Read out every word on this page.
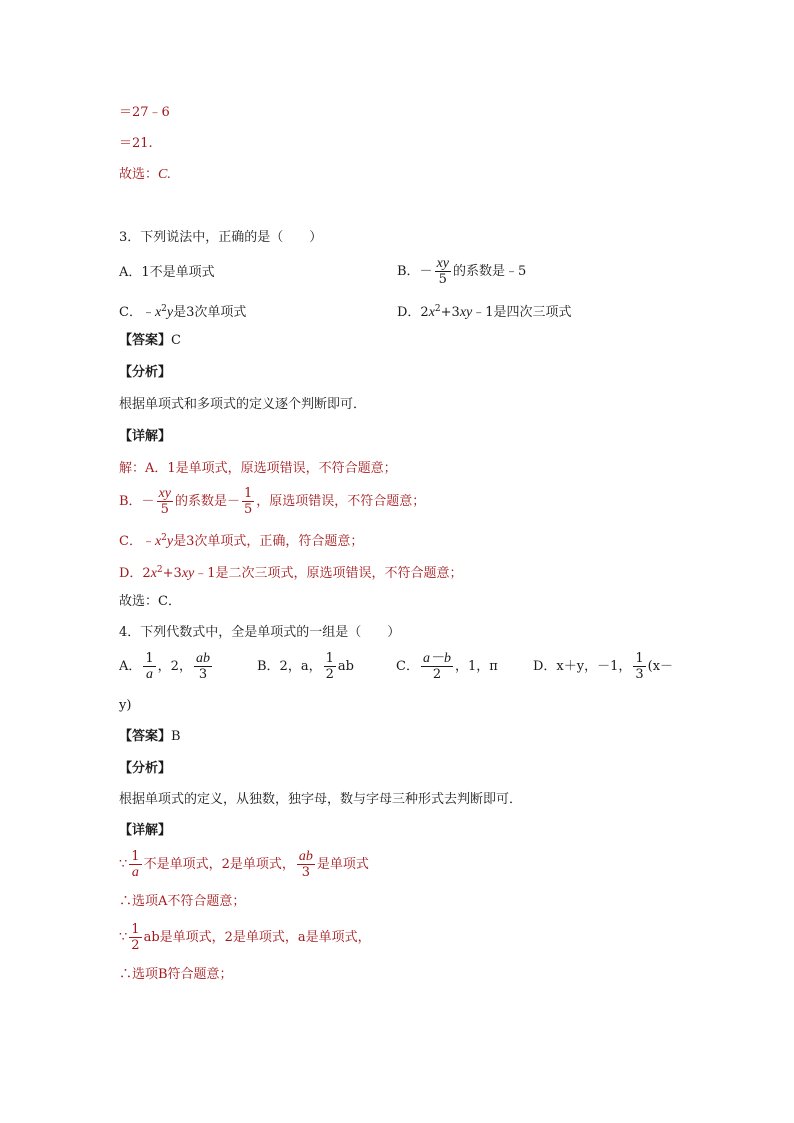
＝27﹣6
＝21.
故选：C.
3．下列说法中，正确的是（　　）
A．1不是单项式	B．－ $\frac{xy}{5}$ 的系数是﹣5
C．$﹣x^2y$是3次单项式	D．$2x^2+3xy﹣1$是四次三项式
【答案】C
【分析】
根据单项式和多项式的定义逐个判断即可．
【详解】
解：A．1是单项式，原选项错误，不符合题意；
B．－ $\frac{xy}{5}$ 的系数是－ $\frac{1}{5}$ ，原选项错误，不符合题意；
C．$﹣x^2y$是3次单项式，正确，符合题意；
D．$2x^2+3xy﹣1$是二次三项式，原选项错误，不符合题意；
故选：C．
4．下列代数式中，全是单项式的一组是（　　）
A． $\frac{1}{a}$ ，2， $\frac{ab}{3}$	B．2，a， $\frac{1}{2}$ ab	C． $\frac{a-b}{2}$ ，1，π	D．x＋y，－1， $\frac{1}{3} (x-$
y)
【答案】B
【分析】
根据单项式的定义，从独数，独字母，数与字母三种形式去判断即可．
【详解】
∵ $\frac{1}{a}$ 不是单项式，2是单项式， $\frac{ab}{3}$ 是单项式
∴选项A不符合题意；
∵ $\frac{1}{2}$ ab是单项式，2是单项式，a是单项式，
∴选项B符合题意；
